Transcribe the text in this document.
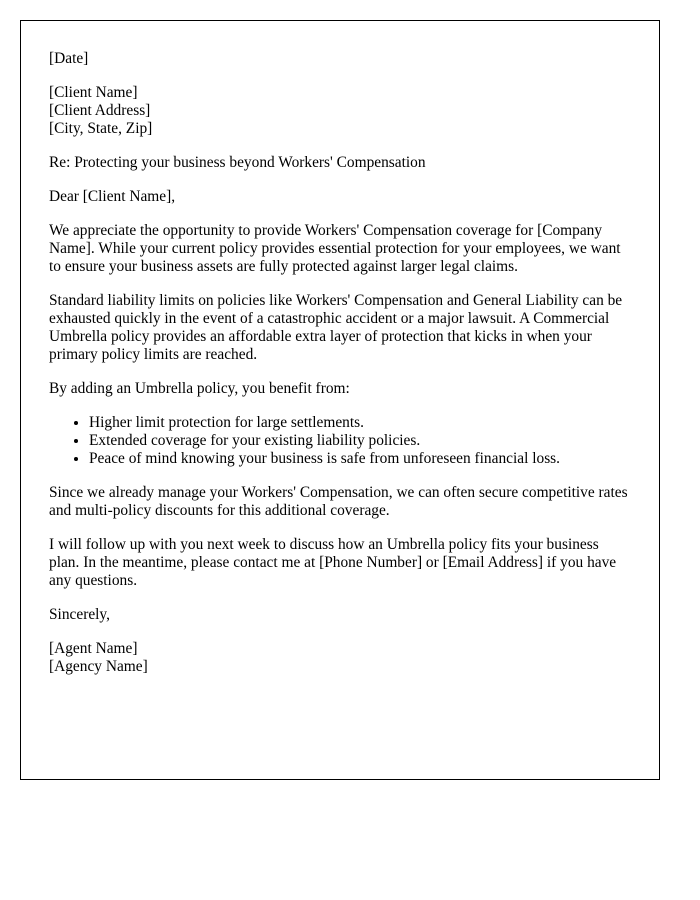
[Date]

[Client Name]

[Client Address]

[City, State, Zip]

Re: Protecting your business beyond Workers' Compensation

Dear [Client Name],

We appreciate the opportunity to provide Workers' Compensation coverage for [Company Name]. While your current policy provides essential protection for your employees, we want to ensure your business assets are fully protected against larger legal claims.

Standard liability limits on policies like Workers' Compensation and General Liability can be exhausted quickly in the event of a catastrophic accident or a major lawsuit. A Commercial Umbrella policy provides an affordable extra layer of protection that kicks in when your primary policy limits are reached.

By adding an Umbrella policy, you benefit from:

• Higher limit protection for large settlements.
• Extended coverage for your existing liability policies.
• Peace of mind knowing your business is safe from unforeseen financial loss.

Since we already manage your Workers' Compensation, we can often secure competitive rates and multi-policy discounts for this additional coverage.

I will follow up with you next week to discuss how an Umbrella policy fits your business plan. In the meantime, please contact me at [Phone Number] or [Email Address] if you have any questions.

Sincerely,

[Agent Name]

[Agency Name]
